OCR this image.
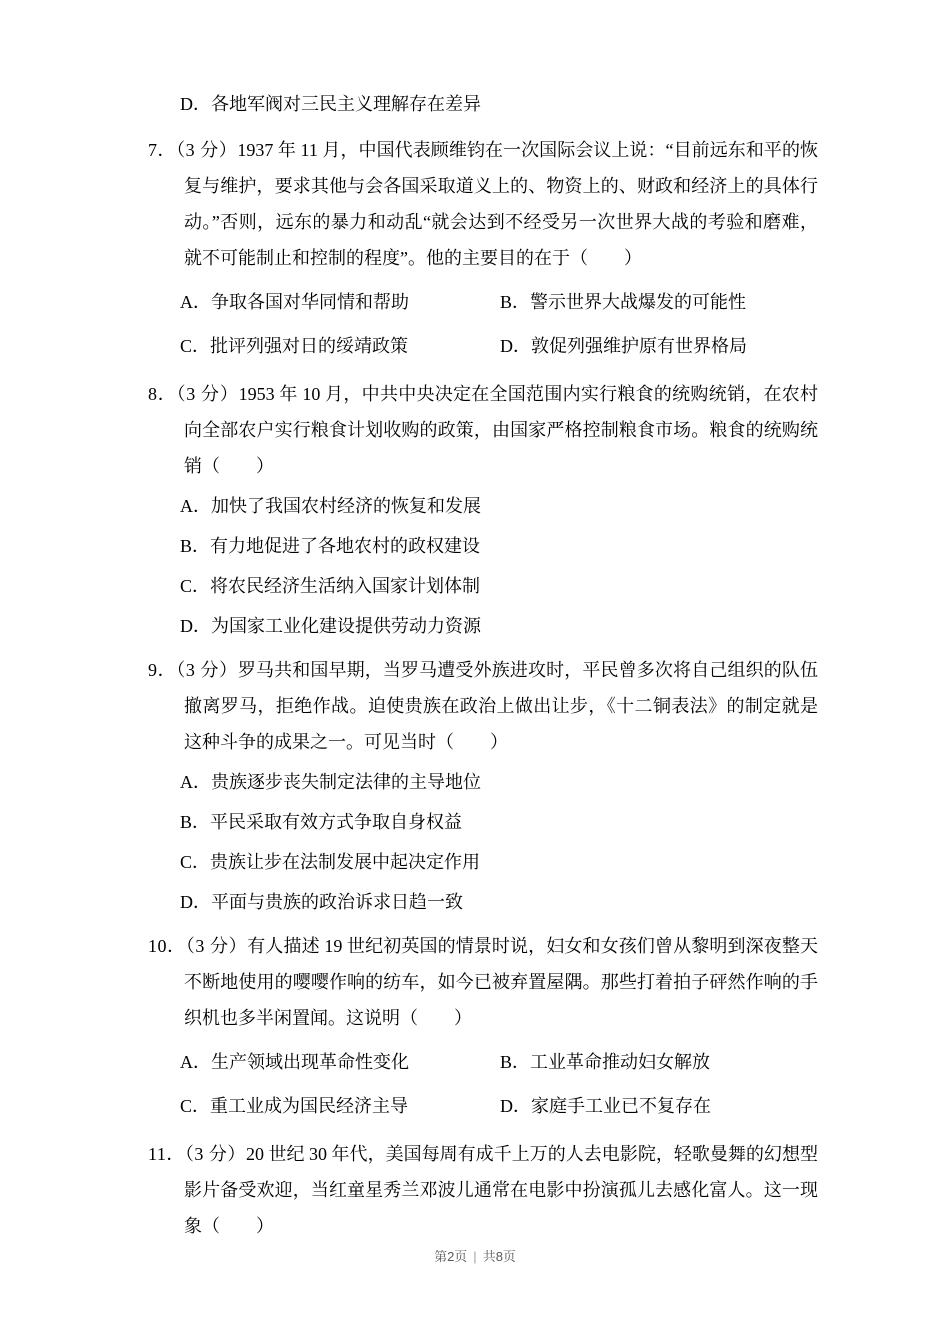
D．各地军阀对三民主义理解存在差异
7．（3 分）1937 年 11 月，中国代表顾维钧在一次国际会议上说：“目前远东和平的恢复与维护，要求其他与会各国采取道义上的、物资上的、财政和经济上的具体行动。”否则，远东的暴力和动乱“就会达到不经受另一次世界大战的考验和磨难，就不可能制止和控制的程度”。他的主要目的在于（　　）
A．争取各国对华同情和帮助	B．警示世界大战爆发的可能性
C．批评列强对日的绥靖政策	D．敦促列强维护原有世界格局
8．（3 分）1953 年 10 月，中共中央决定在全国范围内实行粮食的统购统销，在农村向全部农户实行粮食计划收购的政策，由国家严格控制粮食市场。粮食的统购统销（　　）
A．加快了我国农村经济的恢复和发展
B．有力地促进了各地农村的政权建设
C．将农民经济生活纳入国家计划体制
D．为国家工业化建设提供劳动力资源
9．（3 分）罗马共和国早期，当罗马遭受外族进攻时，平民曾多次将自己组织的队伍撤离罗马，拒绝作战。迫使贵族在政治上做出让步，《十二铜表法》的制定就是这种斗争的成果之一。可见当时（　　）
A．贵族逐步丧失制定法律的主导地位
B．平民采取有效方式争取自身权益
C．贵族让步在法制发展中起决定作用
D．平面与贵族的政治诉求日趋一致
10．（3 分）有人描述 19 世纪初英国的情景时说，妇女和女孩们曾从黎明到深夜整天不断地使用的嘤嘤作响的纺车，如今已被弃置屋隅。那些打着拍子砰然作响的手织机也多半闲置闻。这说明（　　）
A．生产领域出现革命性变化	B．工业革命推动妇女解放
C．重工业成为国民经济主导	D．家庭手工业已不复存在
11．（3 分）20 世纪 30 年代，美国每周有成千上万的人去电影院，轻歌曼舞的幻想型影片备受欢迎，当红童星秀兰邓波儿通常在电影中扮演孤儿去感化富人。这一现象（　　）
第2页 | 共8页
